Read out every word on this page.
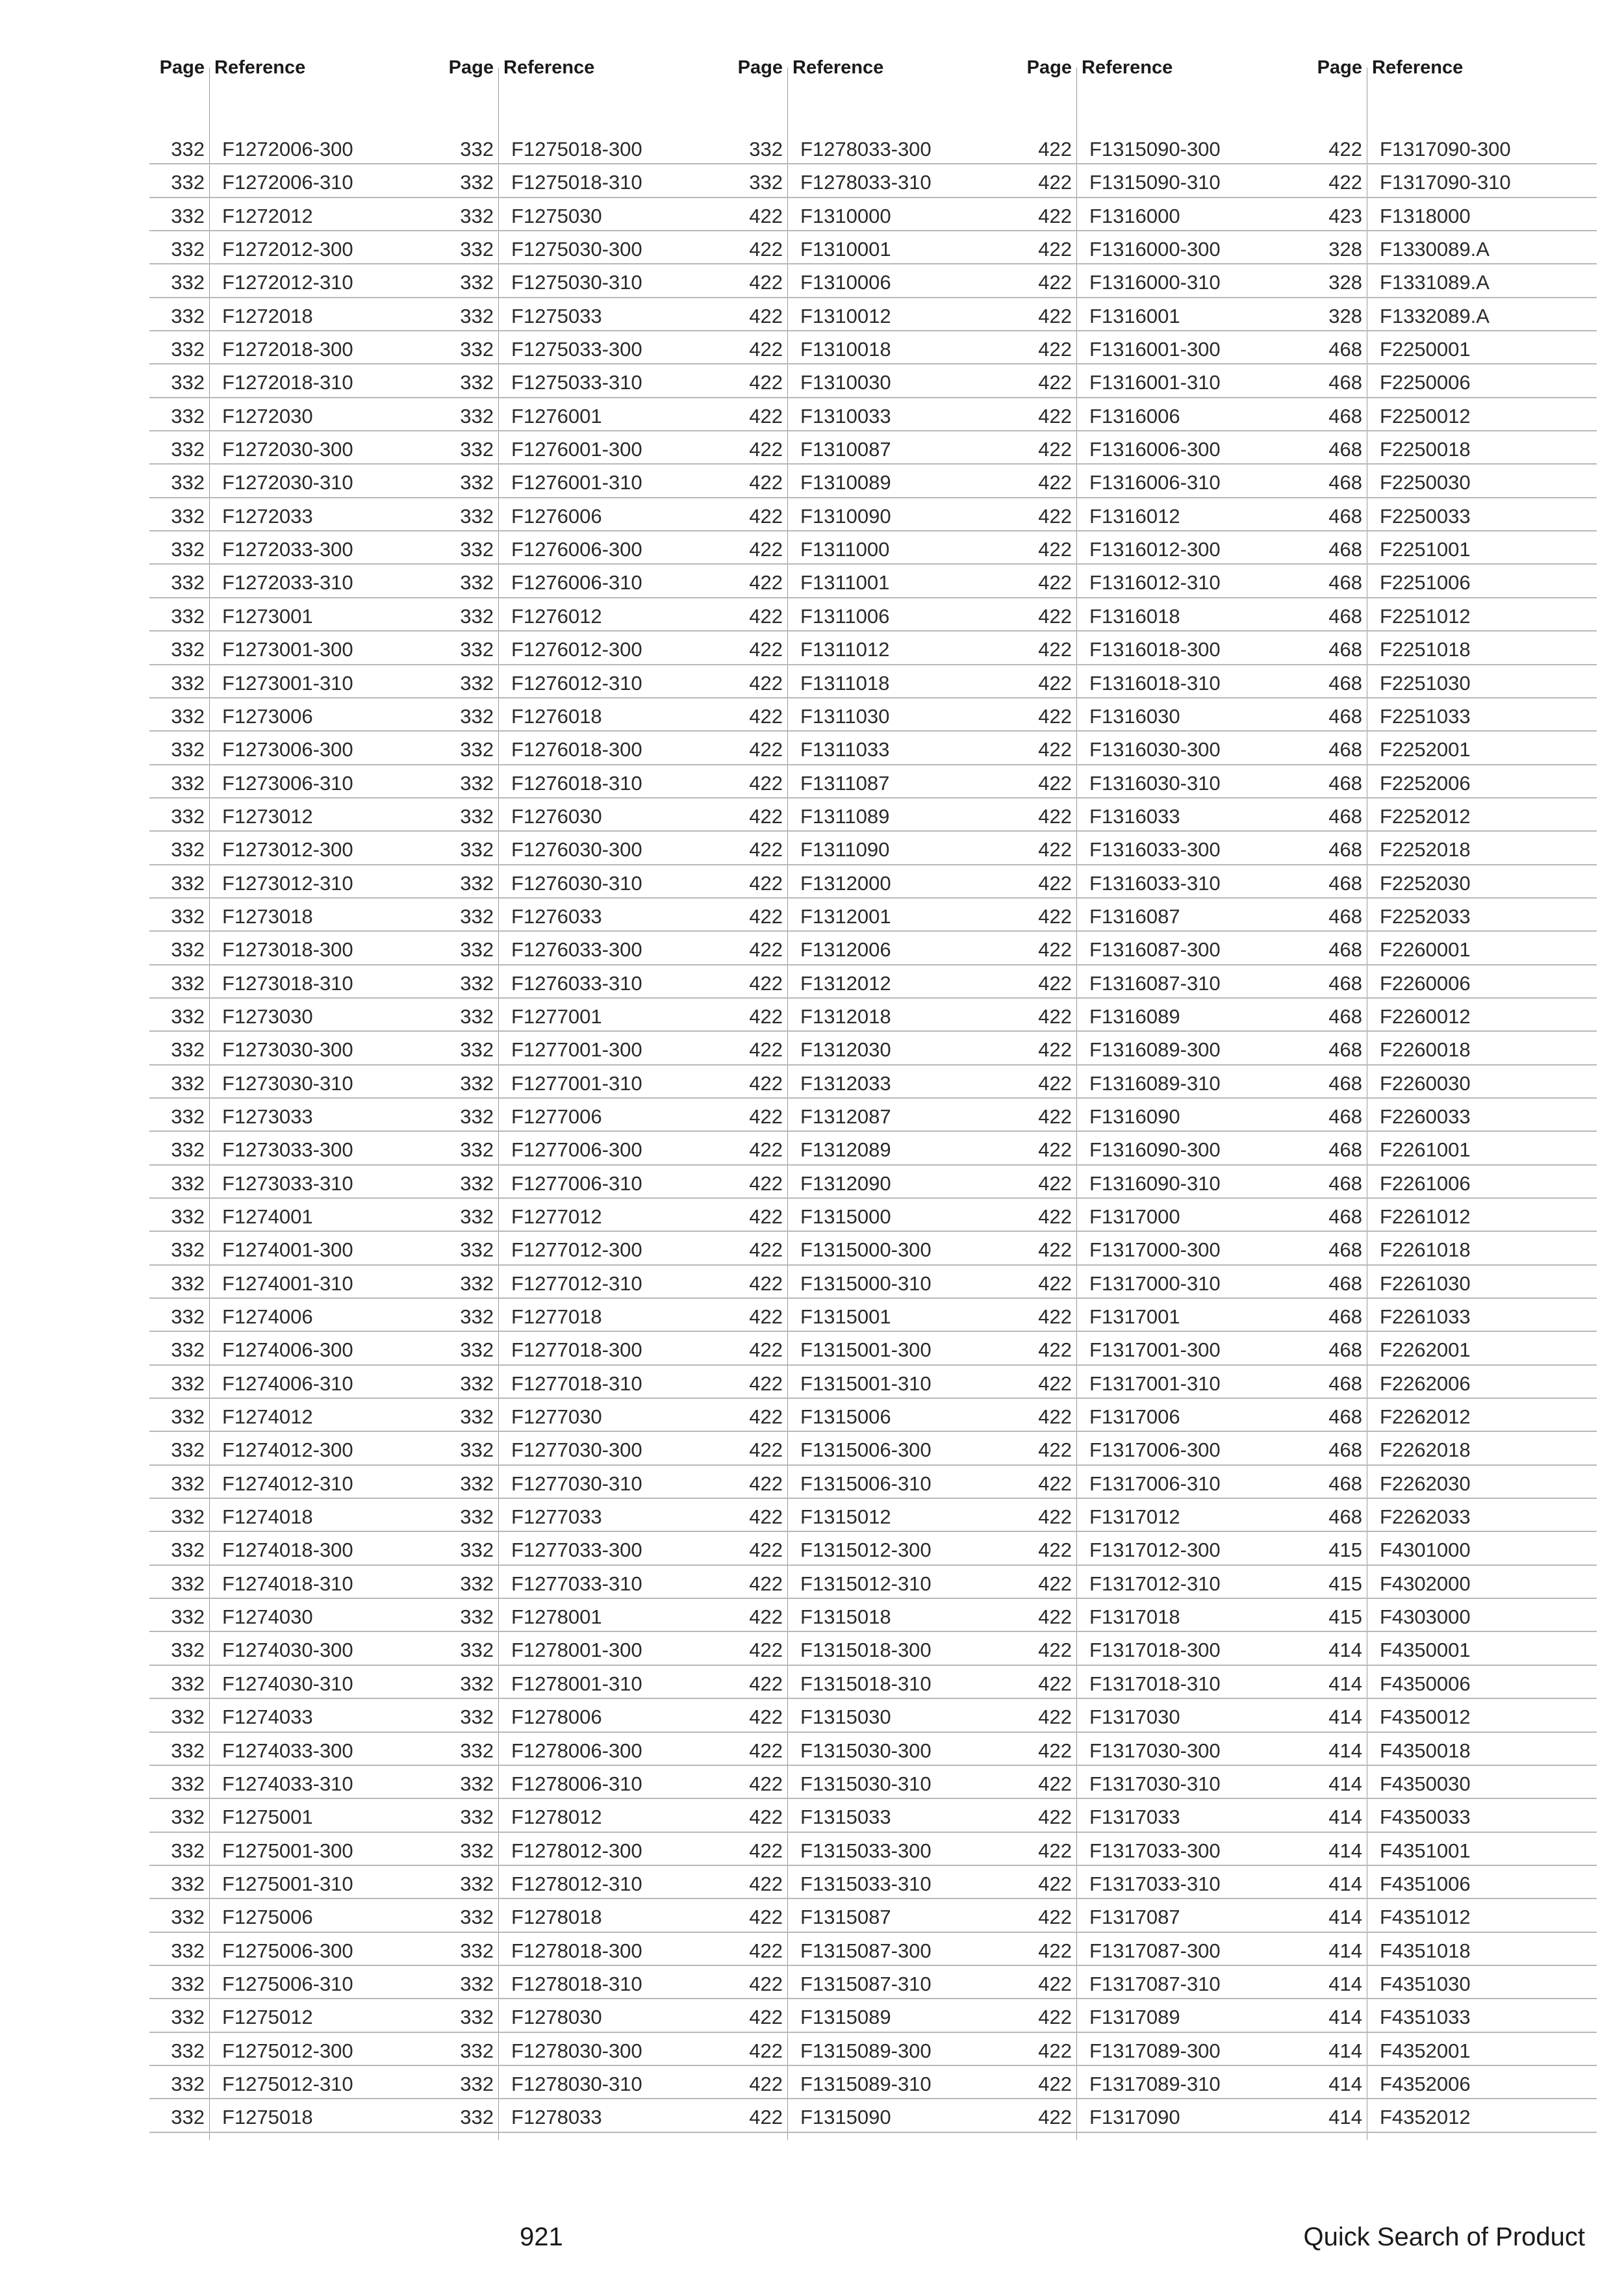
Page Reference
332 F1272006-300
332 F1272006-310
332 F1272012
332 F1272012-300
332 F1272012-310
332 F1272018
332 F1272018-300
332 F1272018-310
332 F1272030
332 F1272030-300
332 F1272030-310
332 F1272033
332 F1272033-300
332 F1272033-310
332 F1273001
332 F1273001-300
332 F1273001-310
332 F1273006
332 F1273006-300
332 F1273006-310
332 F1273012
332 F1273012-300
332 F1273012-310
332 F1273018
332 F1273018-300
332 F1273018-310
332 F1273030
332 F1273030-300
332 F1273030-310
332 F1273033
332 F1273033-300
332 F1273033-310
332 F1274001
332 F1274001-300
332 F1274001-310
332 F1274006
332 F1274006-300
332 F1274006-310
332 F1274012
332 F1274012-300
332 F1274012-310
332 F1274018
332 F1274018-300
332 F1274018-310
332 F1274030
332 F1274030-300
332 F1274030-310
332 F1274033
332 F1274033-300
332 F1274033-310
332 F1275001
332 F1275001-300
332 F1275001-310
332 F1275006
332 F1275006-300
332 F1275006-310
332 F1275012
332 F1275012-300
332 F1275012-310
332 F1275018
Page Reference
332 F1275018-300
332 F1275018-310
332 F1275030
332 F1275030-300
332 F1275030-310
332 F1275033
332 F1275033-300
332 F1275033-310
332 F1276001
332 F1276001-300
332 F1276001-310
332 F1276006
332 F1276006-300
332 F1276006-310
332 F1276012
332 F1276012-300
332 F1276012-310
332 F1276018
332 F1276018-300
332 F1276018-310
332 F1276030
332 F1276030-300
332 F1276030-310
332 F1276033
332 F1276033-300
332 F1276033-310
332 F1277001
332 F1277001-300
332 F1277001-310
332 F1277006
332 F1277006-300
332 F1277006-310
332 F1277012
332 F1277012-300
332 F1277012-310
332 F1277018
332 F1277018-300
332 F1277018-310
332 F1277030
332 F1277030-300
332 F1277030-310
332 F1277033
332 F1277033-300
332 F1277033-310
332 F1278001
332 F1278001-300
332 F1278001-310
332 F1278006
332 F1278006-300
332 F1278006-310
332 F1278012
332 F1278012-300
332 F1278012-310
332 F1278018
332 F1278018-300
332 F1278018-310
332 F1278030
332 F1278030-300
332 F1278030-310
332 F1278033
Page Reference
332 F1278033-300
332 F1278033-310
422 F1310000
422 F1310001
422 F1310006
422 F1310012
422 F1310018
422 F1310030
422 F1310033
422 F1310087
422 F1310089
422 F1310090
422 F1311000
422 F1311001
422 F1311006
422 F1311012
422 F1311018
422 F1311030
422 F1311033
422 F1311087
422 F1311089
422 F1311090
422 F1312000
422 F1312001
422 F1312006
422 F1312012
422 F1312018
422 F1312030
422 F1312033
422 F1312087
422 F1312089
422 F1312090
422 F1315000
422 F1315000-300
422 F1315000-310
422 F1315001
422 F1315001-300
422 F1315001-310
422 F1315006
422 F1315006-300
422 F1315006-310
422 F1315012
422 F1315012-300
422 F1315012-310
422 F1315018
422 F1315018-300
422 F1315018-310
422 F1315030
422 F1315030-300
422 F1315030-310
422 F1315033
422 F1315033-300
422 F1315033-310
422 F1315087
422 F1315087-300
422 F1315087-310
422 F1315089
422 F1315089-300
422 F1315089-310
422 F1315090
Page Reference
422 F1315090-300
422 F1315090-310
422 F1316000
422 F1316000-300
422 F1316000-310
422 F1316001
422 F1316001-300
422 F1316001-310
422 F1316006
422 F1316006-300
422 F1316006-310
422 F1316012
422 F1316012-300
422 F1316012-310
422 F1316018
422 F1316018-300
422 F1316018-310
422 F1316030
422 F1316030-300
422 F1316030-310
422 F1316033
422 F1316033-300
422 F1316033-310
422 F1316087
422 F1316087-300
422 F1316087-310
422 F1316089
422 F1316089-300
422 F1316089-310
422 F1316090
422 F1316090-300
422 F1316090-310
422 F1317000
422 F1317000-300
422 F1317000-310
422 F1317001
422 F1317001-300
422 F1317001-310
422 F1317006
422 F1317006-300
422 F1317006-310
422 F1317012
422 F1317012-300
422 F1317012-310
422 F1317018
422 F1317018-300
422 F1317018-310
422 F1317030
422 F1317030-300
422 F1317030-310
422 F1317033
422 F1317033-300
422 F1317033-310
422 F1317087
422 F1317087-300
422 F1317087-310
422 F1317089
422 F1317089-300
422 F1317089-310
422 F1317090
Page Reference
422 F1317090-300
422 F1317090-310
423 F1318000
328 F1330089.A
328 F1331089.A
328 F1332089.A
468 F2250001
468 F2250006
468 F2250012
468 F2250018
468 F2250030
468 F2250033
468 F2251001
468 F2251006
468 F2251012
468 F2251018
468 F2251030
468 F2251033
468 F2252001
468 F2252006
468 F2252012
468 F2252018
468 F2252030
468 F2252033
468 F2260001
468 F2260006
468 F2260012
468 F2260018
468 F2260030
468 F2260033
468 F2261001
468 F2261006
468 F2261012
468 F2261018
468 F2261030
468 F2261033
468 F2262001
468 F2262006
468 F2262012
468 F2262018
468 F2262030
468 F2262033
415 F4301000
415 F4302000
415 F4303000
414 F4350001
414 F4350006
414 F4350012
414 F4350018
414 F4350030
414 F4350033
414 F4351001
414 F4351006
414 F4351012
414 F4351018
414 F4351030
414 F4351033
414 F4352001
414 F4352006
414 F4352012
921	Quick Search of Product
